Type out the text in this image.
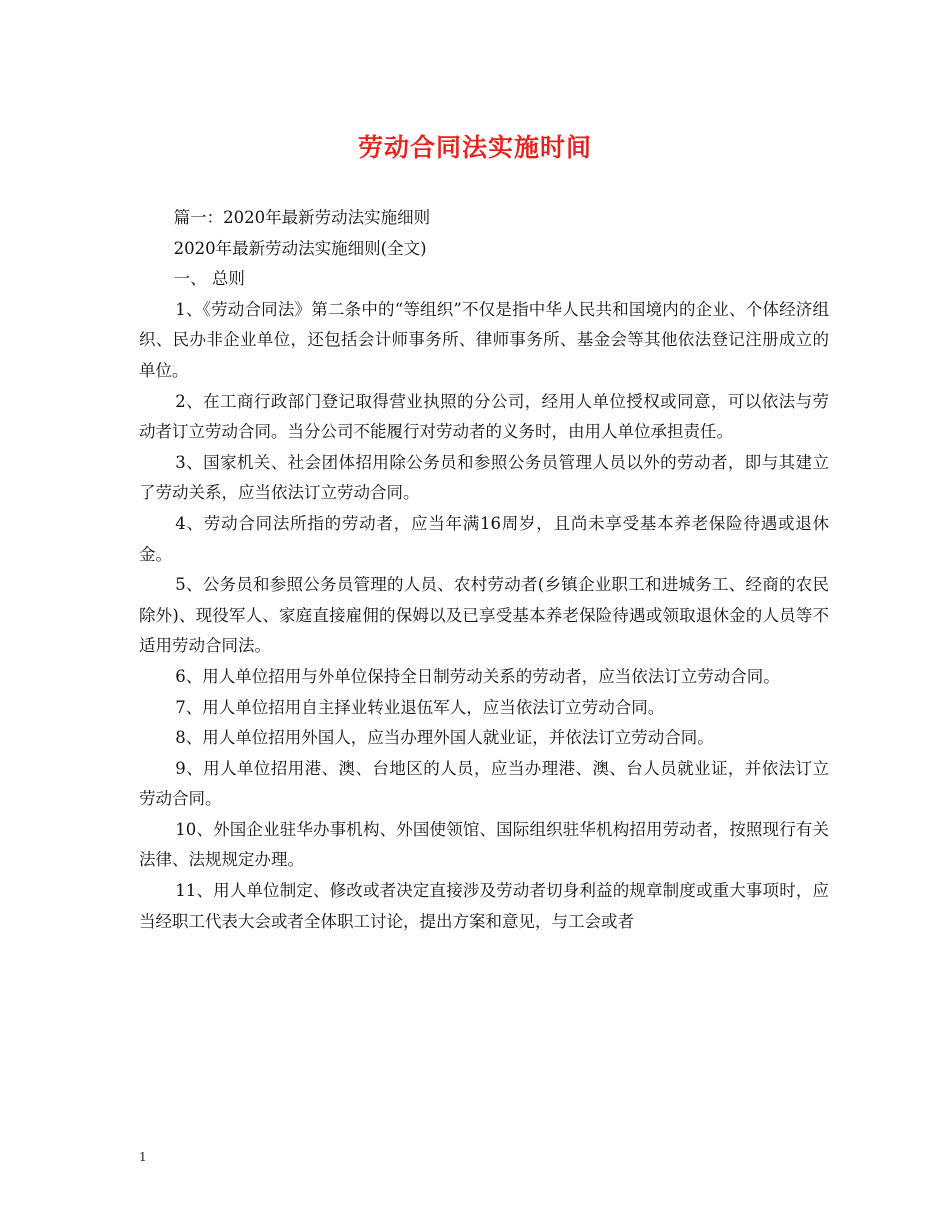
劳动合同法实施时间

篇一：2020年最新劳动法实施细则

2020年最新劳动法实施细则(全文)

一、 总则

1、《劳动合同法》第二条中的“等组织”不仅是指中华人民共和国境内的企业、个体经济组织、民办非企业单位，还包括会计师事务所、律师事务所、基金会等其他依法登记注册成立的单位。

2、在工商行政部门登记取得营业执照的分公司，经用人单位授权或同意，可以依法与劳动者订立劳动合同。当分公司不能履行对劳动者的义务时，由用人单位承担责任。

3、国家机关、社会团体招用除公务员和参照公务员管理人员以外的劳动者，即与其建立了劳动关系，应当依法订立劳动合同。

4、劳动合同法所指的劳动者，应当年满16周岁，且尚未享受基本养老保险待遇或退休金。

5、公务员和参照公务员管理的人员、农村劳动者(乡镇企业职工和进城务工、经商的农民除外)、现役军人、家庭直接雇佣的保姆以及已享受基本养老保险待遇或领取退休金的人员等不适用劳动合同法。

6、用人单位招用与外单位保持全日制劳动关系的劳动者，应当依法订立劳动合同。

7、用人单位招用自主择业转业退伍军人，应当依法订立劳动合同。

8、用人单位招用外国人，应当办理外国人就业证，并依法订立劳动合同。

9、用人单位招用港、澳、台地区的人员，应当办理港、澳、台人员就业证，并依法订立劳动合同。

10、外国企业驻华办事机构、外国使领馆、国际组织驻华机构招用劳动者，按照现行有关法律、法规规定办理。

11、用人单位制定、修改或者决定直接涉及劳动者切身利益的规章制度或重大事项时，应当经职工代表大会或者全体职工讨论，提出方案和意见，与工会或者

1
